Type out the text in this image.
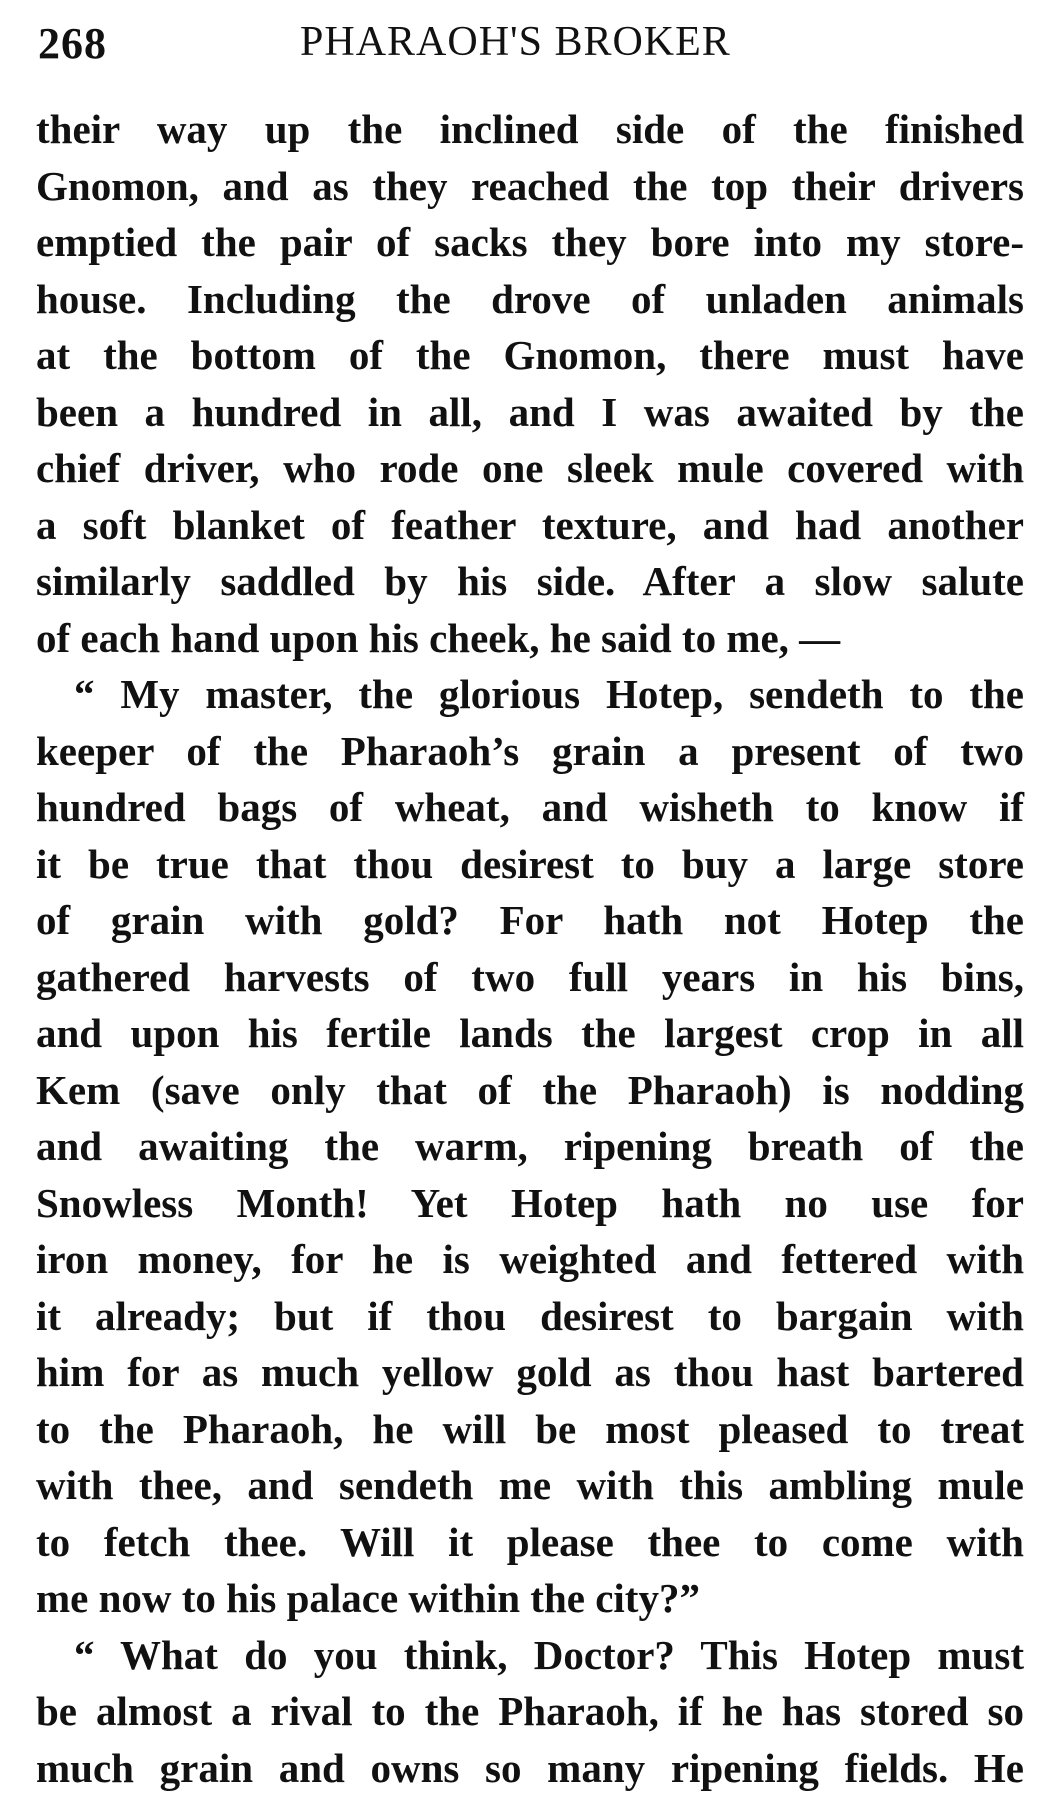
268	PHARAOH'S BROKER

their way up the inclined side of the finished
Gnomon, and as they reached the top their drivers
emptied the pair of sacks they bore into my store-
house. Including the drove of unladen animals
at the bottom of the Gnomon, there must have
been a hundred in all, and I was awaited by the
chief driver, who rode one sleek mule covered with
a soft blanket of feather texture, and had another
similarly saddled by his side. After a slow salute
of each hand upon his cheek, he said to me, —

“ My master, the glorious Hotep, sendeth to the
keeper of the Pharaoh’s grain a present of two
hundred bags of wheat, and wisheth to know if
it be true that thou desirest to buy a large store
of grain with gold? For hath not Hotep the
gathered harvests of two full years in his bins,
and upon his fertile lands the largest crop in all
Kem (save only that of the Pharaoh) is nodding
and awaiting the warm, ripening breath of the
Snowless Month! Yet Hotep hath no use for
iron money, for he is weighted and fettered with
it already; but if thou desirest to bargain with
him for as much yellow gold as thou hast bartered
to the Pharaoh, he will be most pleased to treat
with thee, and sendeth me with this ambling mule
to fetch thee. Will it please thee to come with
me now to his palace within the city?”

“ What do you think, Doctor? This Hotep must
be almost a rival to the Pharaoh, if he has stored so
much grain and owns so many ripening fields. He
